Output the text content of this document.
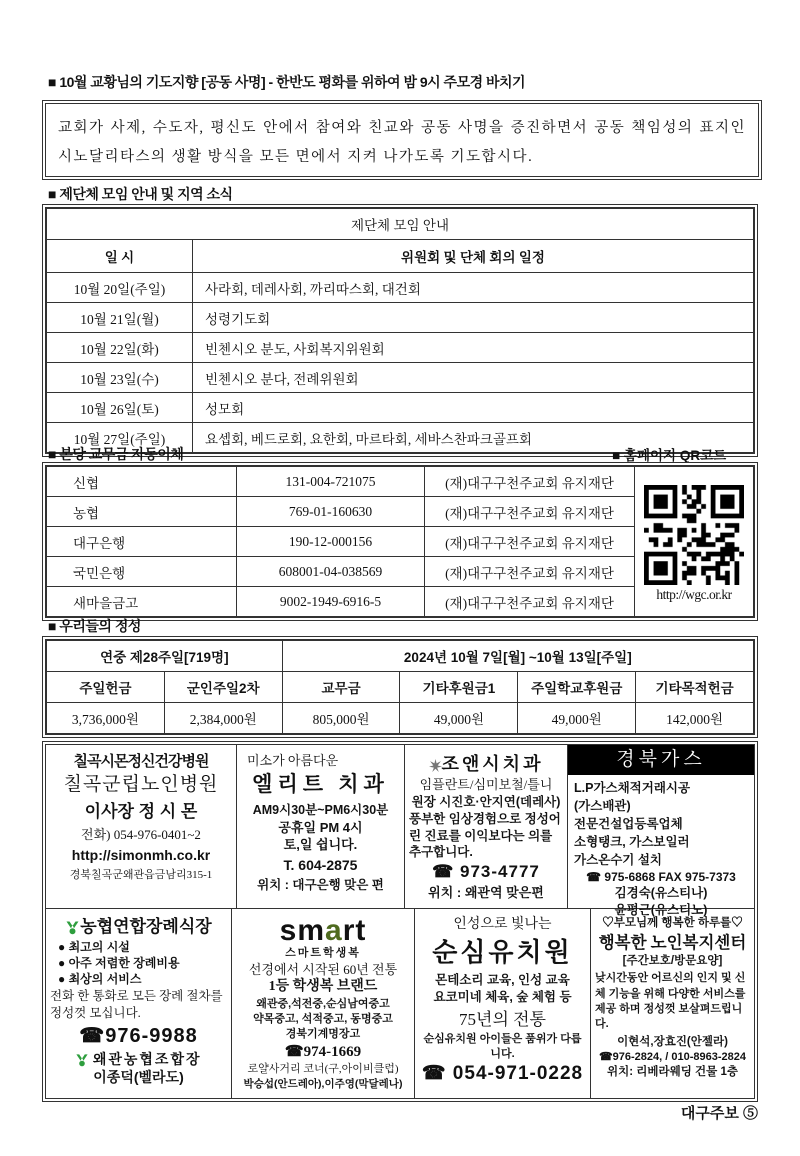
■ 10월 교황님의 기도지향 [공동 사명] - 한반도 평화를 위하여 밤 9시 주모경 바치기
교회가 사제, 수도자, 평신도 안에서 참여와 친교와 공동 사명을 증진하면서 공동 책임성의 표지인 시노달리타스의 생활 방식을 모든 면에서 지켜 나가도록 기도합시다.
■ 제단체 모임 안내 및 지역 소식
제단체 모임 안내	
일 시	위원회 및 단체 회의 일정
10월 20일(주일)	사라회, 데레사회, 까리따스회, 대건회
10월 21일(월)	성령기도회
10월 22일(화)	빈첸시오 분도, 사회복지위원회
10월 23일(수)	빈첸시오 분다, 전례위원회
10월 26일(토)	성모회
10월 27일(주일)	요셉회, 베드로회, 요한회, 마르타회, 세바스찬파크골프회
■ 본당 교무금 자동이체	■ 홈페이지 QR코드
신협	131-004-721075	(재)대구구천주교회 유지재단	http://wgc.or.kr

농협	769-01-160630	(재)대구구천주교회 유지재단	
대구은행	190-12-000156	(재)대구구천주교회 유지재단	
국민은행	608001-04-038569	(재)대구구천주교회 유지재단	
새마을금고	9002-1949-6916-5	(재)대구구천주교회 유지재단	
■ 우리들의 정성
연중 제28주일[719명]		2024년 10월 7일[월] ~10월 13일[주일]			
주일헌금	군인주일2차	교무금	기타후원금1	주일학교후원금	기타목적헌금
3,736,000원	2,384,000원	805,000원	49,000원	49,000원	142,000원
칠곡시몬정신건강병원
칠곡군립노인병원
이사장 정 시 몬
전화) 054-976-0401~2
http://simonmh.co.kr
경북칠곡군왜관읍금남리315-1
미소가 아름다운
엘리트 치과
AM9시30분~PM6시30분
공휴일 PM 4시
토,일 쉽니다.
T. 604-2875
위치 : 대구은행 맞은 편
조앤시치과
임플란트/심미보철/틀니
원장 시진호·안지연(데레사)
풍부한 임상경험으로 정성어린 진료를 이익보다는 의를 추구합니다.
☎ 973-4777
위치 : 왜관역 맞은편
경북가스
L.P가스채적거래시공
(가스배관)
전문건설업등록업체
소형탱크, 가스보일러
가스온수기 설치
☎ 975-6868 FAX 975-7373
김경숙(유스티나)
윤평근(유스티노)
농협연합장례식장
● 최고의 시설
● 아주 저렴한 장례비용
● 최상의 서비스
전화 한 통화로 모든 장례 절차를 정성껏 모십니다.
☎976-9988
왜관농협조합장
이종덕(벨라도)
smart
스마트학생복
선경에서 시작된 60년 전통
1등 학생복 브랜드
왜관중,석전중,순심남여중고
약목중고, 석적중고, 동명중고
경북기계명장고
☎974-1669
로얄사거리 코너(구,아이비클럽)
박승섭(안드레아),이주영(막달레나)
인성으로 빛나는
순심유치원
몬테소리 교육, 인성 교육
요코미네 체육, 숲 체험 등
75년의 전통
순심유치원 아이들은 품위가 다릅니다.
☎ 054-971-0228
♡부모님께 행복한 하루를♡
행복한 노인복지센터
[주간보호/방문요양]
낮시간동안 어르신의 인지 및 신체 기능을 위해 다양한 서비스를 제공 하며 정성껏 보살펴드립니다.
이현석,장효진(안젤라)
☎976-2824, / 010-8963-2824
위치: 리베라웨딩 건물 1층
대구주보 ⑤
